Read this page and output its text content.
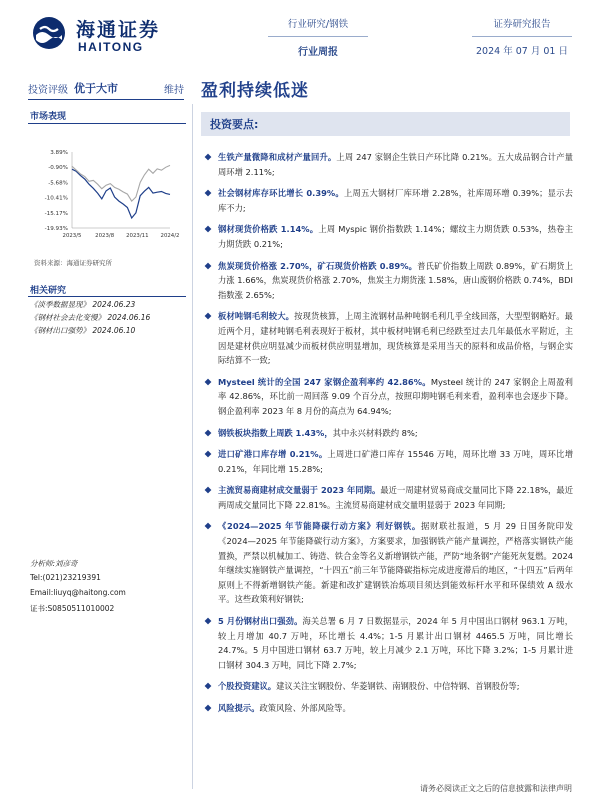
海通证券
HAITONG
行业研究/钢铁
行业周报
证券研究报告
2024 年 07 月 01 日
投资评级 优于大市	维持 盈利持续低迷
市场表现
3.89%
-0.90%
-5.68%
-10.41%
-15.17%
-19.93%
2023/5	2023/8 2023/11 2024/2
资料来源：海通证券研究所
相关研究
《淡季数据显现》 2024.06.23
《钢材社会去化变慢》 2024.06.16
《钢材出口强势》 2024.06.10
分析师:刘彦奇
Tel:(021)23219391
Email:liuyq@haitong.com
证书:S0850511010002
投资要点:
生铁产量微降和成材产量回升。上周 247 家钢企生铁日产环比降 0.21%。五大成品钢合计产量周环增 2.11%;
社会钢材库存环比增长 0.39%。上周五大钢材厂库环增 2.28%，社库周环增 0.39%；显示去库不力;
钢材现货价格跌 1.14%。上周 Myspic 钢价指数跌 1.14%；螺纹主力期货跌 0.53%，热卷主力期货跌 0.21%;
焦炭现货价格涨 2.70%，矿石现货价格跌 0.89%。普氏矿价指数上周跌 0.89%，矿石期货上力涨 1.66%，焦炭现货价格涨 2.70%，焦炭主力期货涨 1.58%，唐山废钢价格跌 0.74%，BDI 指数涨 2.65%;
板材吨钢毛利较大。按现货核算，上周主流钢材品种吨钢毛利几乎全线回落，大型型钢略好。最近两个月，建材吨钢毛利表现好于板材，其中板材吨钢毛利已经跌至过去几年最低水平附近，主因是建材供应明显减少而板材供应明显增加，现货核算是采用当天的原料和成品价格，与钢企实际结算不一致;
Mysteel 统计的全国 247 家钢企盈利率约 42.86%。Mysteel 统计的 247 家钢企上周盈利率 42.86%，环比前一周回落 9.09 个百分点，按照印期吨钢毛利来看，盈利率也会逐步下降。钢企盈利率 2023 年 8 月份的高点为 64.94%;
钢铁板块指数上周跌 1.43%，其中永兴材料跌约 8%;
进口矿港口库存增 0.21%。上周进口矿港口库存 15546 万吨，周环比增 33 万吨，周环比增 0.21%，年同比增 15.28%;
主流贸易商建材成交量弱于 2023 年同期。最近一周建材贸易商成交量同比下降 22.18%，最近两周成交量同比下降 22.81%。主流贸易商建材成交量明显弱于 2023 年同期;
《2024—2025 年节能降碳行动方案》利好钢铁。据财联社报道，5 月 29 日国务院印发《2024—2025 年节能降碳行动方案》，方案要求，加强钢铁产能产量调控，严格落实钢铁产能置换，严禁以机械加工、铸造、铁合金等名义新增钢铁产能，严防“地条钢”产能死灰复燃。2024 年继续实施钢铁产量调控，“十四五”前三年节能降碳指标完成进度滞后的地区，“十四五”后两年原则上不得新增钢铁产能。新建和改扩建钢铁冶炼项目须达到能效标杆水平和环保绩效 A 级水平。这些政策利好钢铁;
5 月份钢材出口强劲。海关总署 6 月 7 日数据显示，2024 年 5 月中国出口钢材 963.1 万吨，较上月增加 40.7 万吨，环比增长 4.4%；1-5 月累计出口钢材 4465.5 万吨，同比增长 24.7%。5 月中国进口钢材 63.7 万吨，较上月减少 2.1 万吨，环比下降 3.2%；1-5 月累计进口钢材 304.3 万吨，同比下降 2.7%;
个股投资建议。建议关注宝钢股份、华菱钢铁、南钢股份、中信特钢、首钢股份等;
风险提示。政策风险、外部风险等。
请务必阅读正文之后的信息披露和法律声明
